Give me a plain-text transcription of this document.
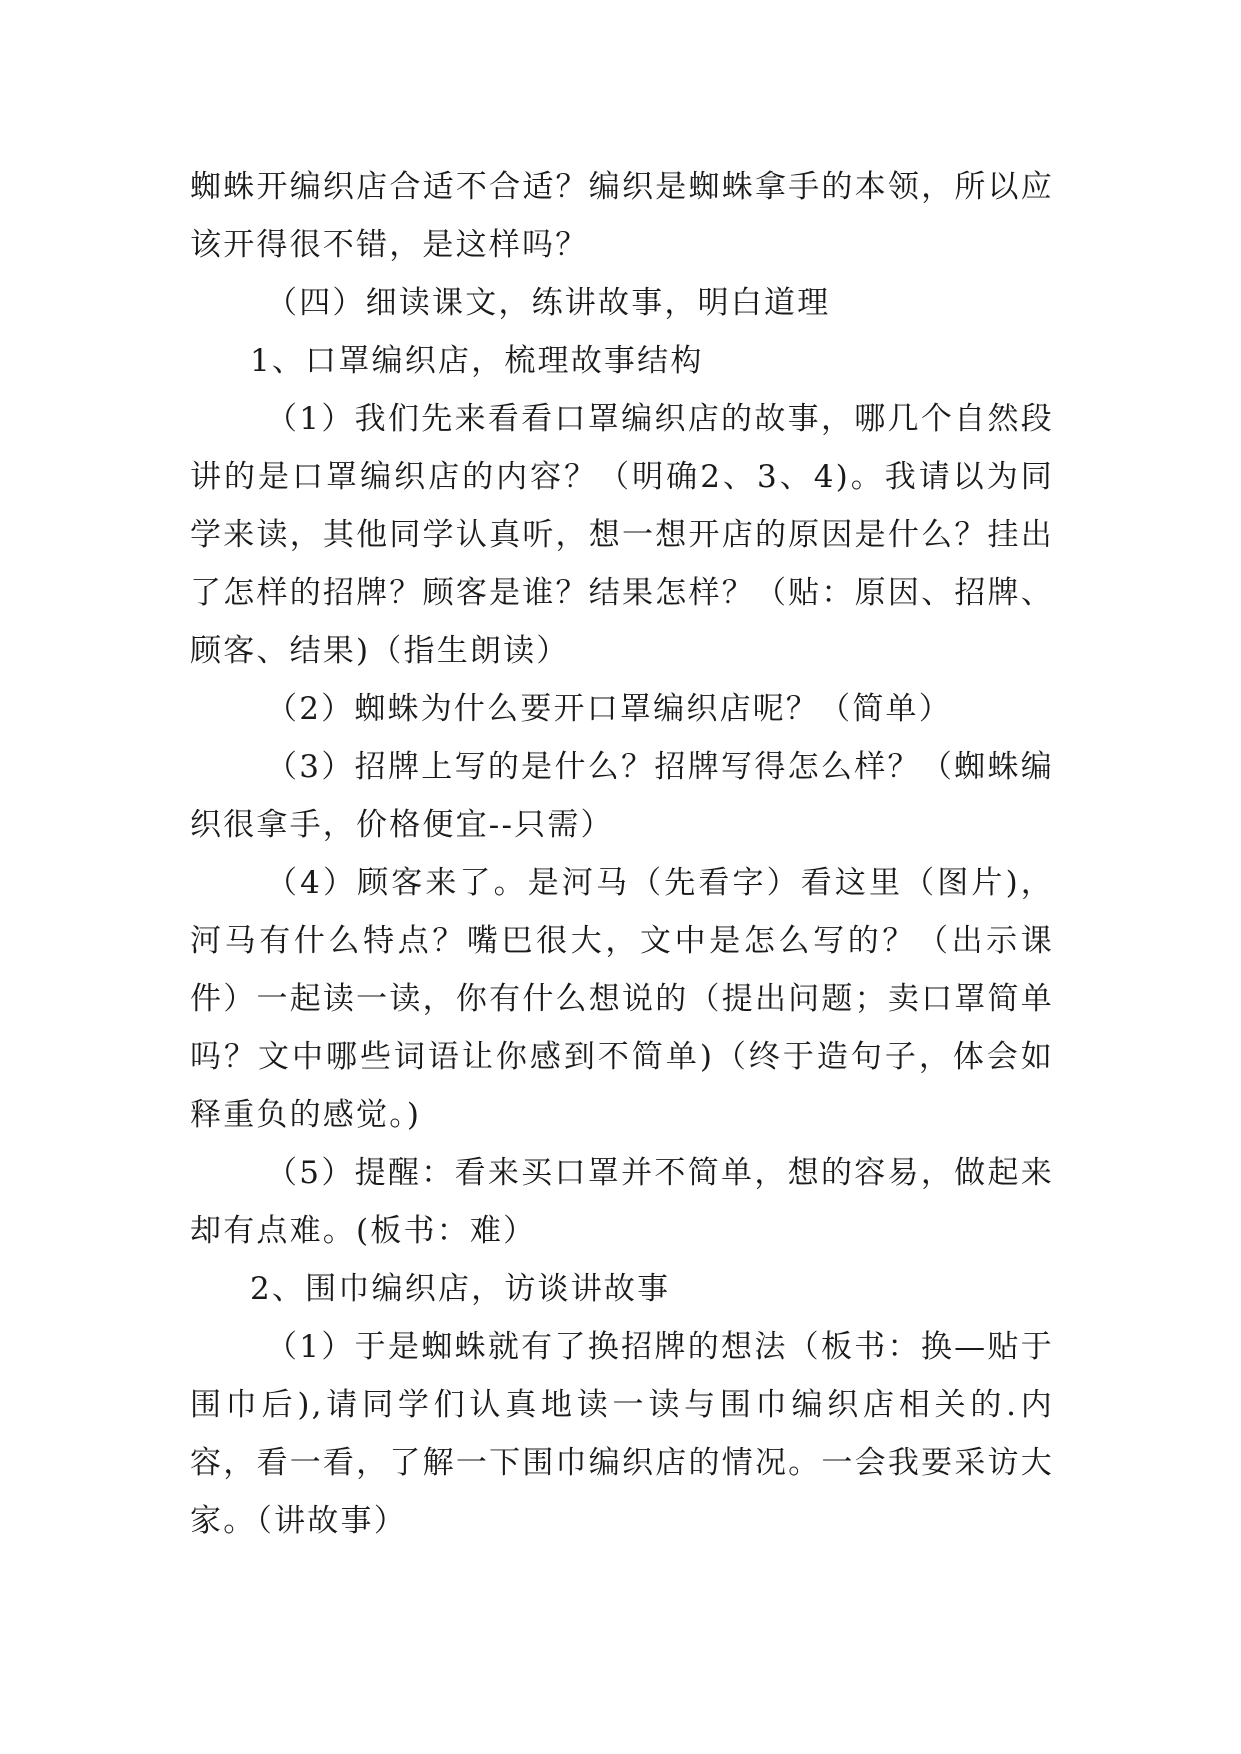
蜘蛛开编织店合适不合适？编织是蜘蛛拿手的本领，所以应该开得很不错，是这样吗？

（四）细读课文，练讲故事，明白道理

1、口罩编织店，梳理故事结构

（1）我们先来看看口罩编织店的故事，哪几个自然段讲的是口罩编织店的内容？（明确2、3、4)。我请以为同学来读，其他同学认真听，想一想开店的原因是什么？挂出了怎样的招牌？顾客是谁？结果怎样？（贴：原因、招牌、顾客、结果)（指生朗读）

（2）蜘蛛为什么要开口罩编织店呢？（简单）

（3）招牌上写的是什么？招牌写得怎么样？（蜘蛛编织很拿手，价格便宜--只需）

（4）顾客来了。是河马（先看字）看这里（图片)，河马有什么特点？嘴巴很大，文中是怎么写的？（出示课件）一起读一读，你有什么想说的（提出问题；卖口罩简单吗？文中哪些词语让你感到不简单)（终于造句子，体会如释重负的感觉。)

（5）提醒：看来买口罩并不简单，想的容易，做起来却有点难。(板书：难）

2、围巾编织店，访谈讲故事

（1）于是蜘蛛就有了换招牌的想法（板书：换—贴于围巾后),请同学们认真地读一读与围巾编织店相关的.内容，看一看，了解一下围巾编织店的情况。一会我要采访大家。（讲故事）
